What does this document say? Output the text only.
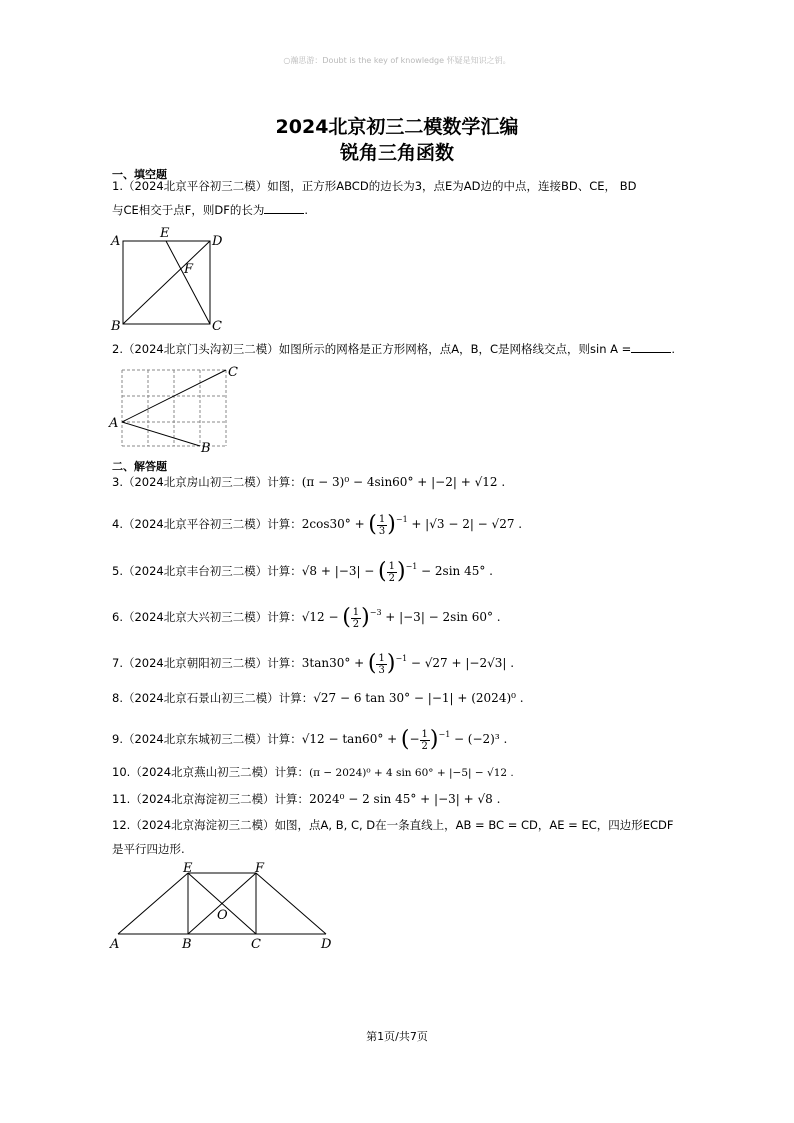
○瀚思游：Doubt is the key of knowledge 怀疑是知识之钥。
2024北京初三二模数学汇编
锐角三角函数
一、填空题
1.（2024北京平谷初三二模）如图，正方形ABCD的边长为3，点E为AD边的中点，连接BD、CE， BD
与CE相交于点F，则DF的长为	.
A
E
D
F
B	C
2.（2024北京门头沟初三二模）如图所示的网格是正方形网格，点A，B，C是网格线交点，则sin A =	.
C
A
B
二、解答题
3.（2024北京房山初三二模）计算：(π − 3)⁰ − 4sin60° + |−2| + √12 .
4.（2024北京平谷初三二模）计算：2cos30° + ( $\frac{1}{3} )^{-1} + |√3 - 2| - √27$ .
5.（2024北京丰台初三二模）计算：√8 + |−3| − ( $\frac{1}{2} )^{-1} - 2\sin$ 45° .
6.（2024北京大兴初三二模）计算：√12 − ( $\frac{1}{2} )^{-3} + |-3| - 2\sin$ 60° .
7.（2024北京朝阳初三二模）计算：3tan30° + ( $\frac{1}{3} )^{-1} - √27 + |-2√3|$ .
8.（2024北京石景山初三二模）计算：√27 − 6 tan 30° − |−1| + (2024)⁰ .
9.（2024北京东城初三二模）计算：√12 − tan60° + (− $\frac{1}{2} )^{-1} - (-2)^3$ .
10.（2024北京燕山初三二模）计算：(π − 2024)⁰ + 4 sin 60° + |−5| − √12 .
11.（2024北京海淀初三二模）计算：2024⁰ − 2 sin 45° + |−3| + √8 .
12.（2024北京海淀初三二模）如图，点A, B, C, D在一条直线上，AB = BC = CD，AE = EC，四边形ECDF
是平行四边形.
E	F
O
A	B	C	D
第1页/共7页
